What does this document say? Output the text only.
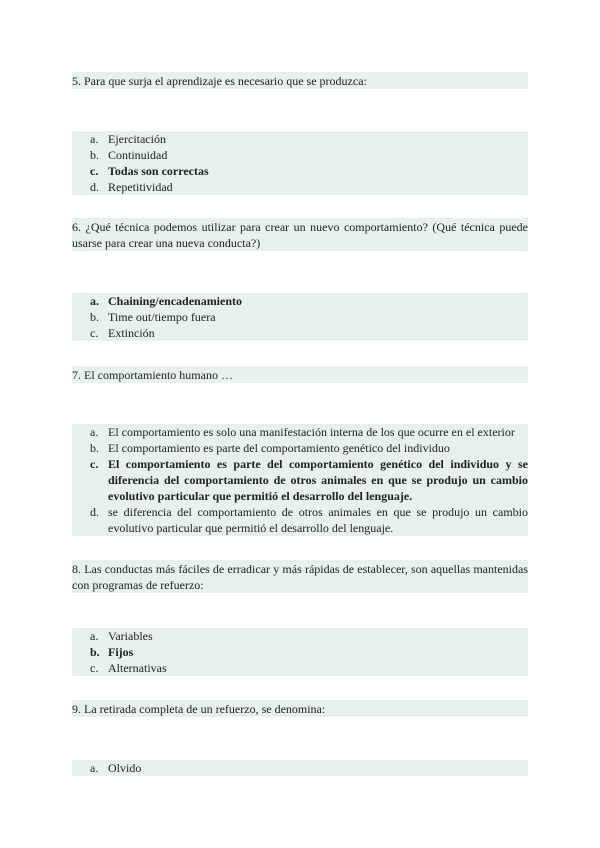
5. Para que surja el aprendizaje es necesario que se produzca:
a. Ejercitación
b. Continuidad
c. Todas son correctas
d. Repetitividad
6. ¿Qué técnica podemos utilizar para crear un nuevo comportamiento? (Qué técnica puede usarse para crear una nueva conducta?)
a. Chaining/encadenamiento
b. Time out/tiempo fuera
c. Extinción
7. El comportamiento humano …
a. El comportamiento es solo una manifestación interna de los que ocurre en el exterior
b. El comportamiento es parte del comportamiento genético del individuo
c. El comportamiento es parte del comportamiento genético del individuo y se diferencia del comportamiento de otros animales en que se produjo un cambio evolutivo particular que permitió el desarrollo del lenguaje.
d. se diferencia del comportamiento de otros animales en que se produjo un cambio evolutivo particular que permitió el desarrollo del lenguaje.
8. Las conductas más fáciles de erradicar y más rápidas de establecer, son aquellas mantenidas con programas de refuerzo:
a. Variables
b. Fijos
c. Alternativas
9. La retirada completa de un refuerzo, se denomina:
a. Olvido
